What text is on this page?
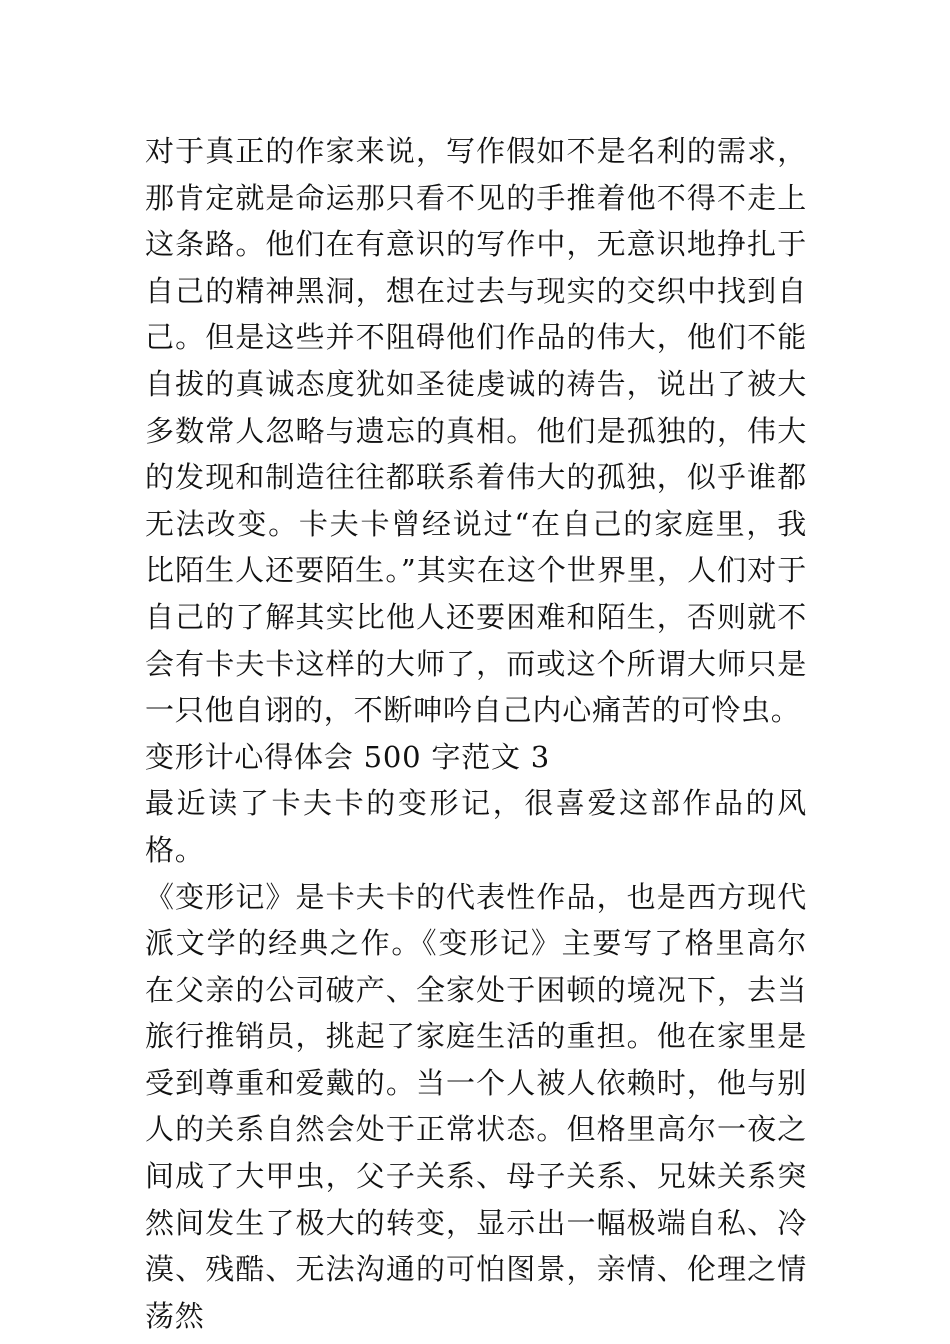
对于真正的作家来说，写作假如不是名利的需求，那肯定就是命运那只看不见的手推着他不得不走上这条路。他们在有意识的写作中，无意识地挣扎于自己的精神黑洞，想在过去与现实的交织中找到自己。但是这些并不阻碍他们作品的伟大，他们不能自拔的真诚态度犹如圣徒虔诚的祷告，说出了被大多数常人忽略与遗忘的真相。他们是孤独的，伟大的发现和制造往往都联系着伟大的孤独，似乎谁都无法改变。卡夫卡曾经说过“在自己的家庭里，我比陌生人还要陌生。”其实在这个世界里，人们对于自己的了解其实比他人还要困难和陌生，否则就不会有卡夫卡这样的大师了，而或这个所谓大师只是一只他自诩的，不断呻吟自己内心痛苦的可怜虫。

变形计心得体会 500 字范文 3

最近读了卡夫卡的变形记，很喜爱这部作品的风格。

《变形记》是卡夫卡的代表性作品，也是西方现代派文学的经典之作。《变形记》主要写了格里高尔在父亲的公司破产、全家处于困顿的境况下，去当旅行推销员，挑起了家庭生活的重担。他在家里是受到尊重和爱戴的。当一个人被人依赖时，他与别人的关系自然会处于正常状态。但格里高尔一夜之间成了大甲虫，父子关系、母子关系、兄妹关系突然间发生了极大的转变，显示出一幅极端自私、冷漠、残酷、无法沟通的可怕图景，亲情、伦理之情荡然
